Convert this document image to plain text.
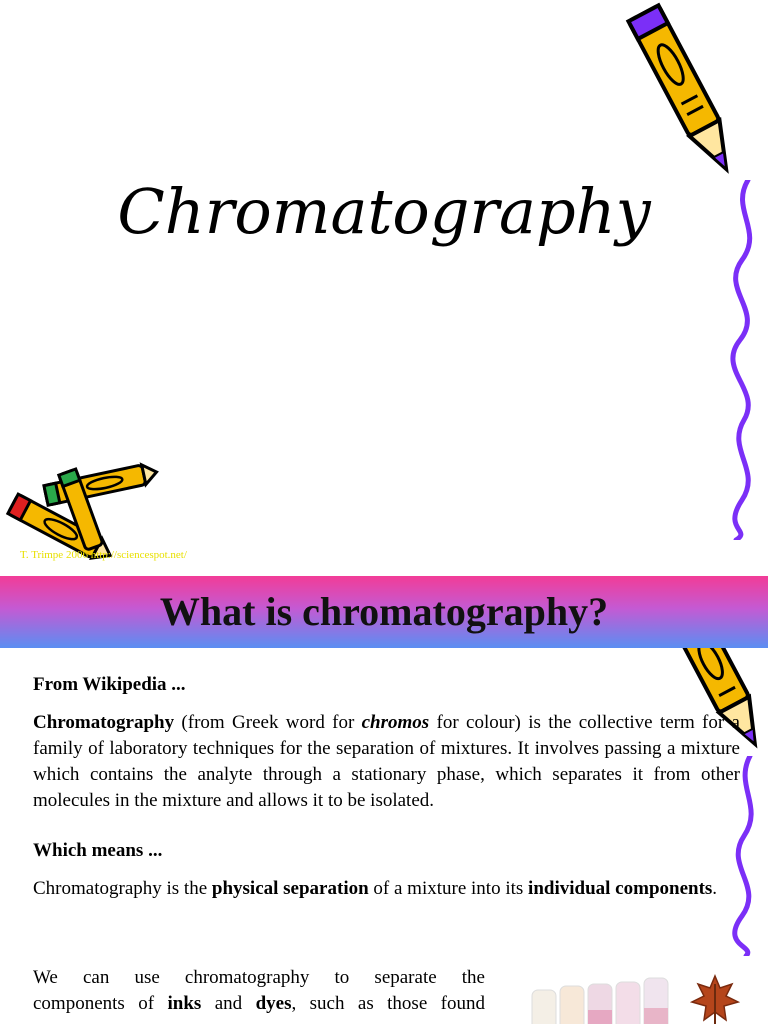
Chromatography
T. Trimpe 2006 http://sciencespot.net/
What is chromatography?
From Wikipedia ...
Chromatography (from Greek word for chromos for colour) is the collective term for a family of laboratory techniques for the separation of mixtures. It involves passing a mixture which contains the analyte through a stationary phase, which separates it from other molecules in the mixture and allows it to be isolated.
Which means ...
Chromatography is the physical separation of a mixture into its individual components.
We can use chromatography to separate the
components of inks and dyes, such as those found
